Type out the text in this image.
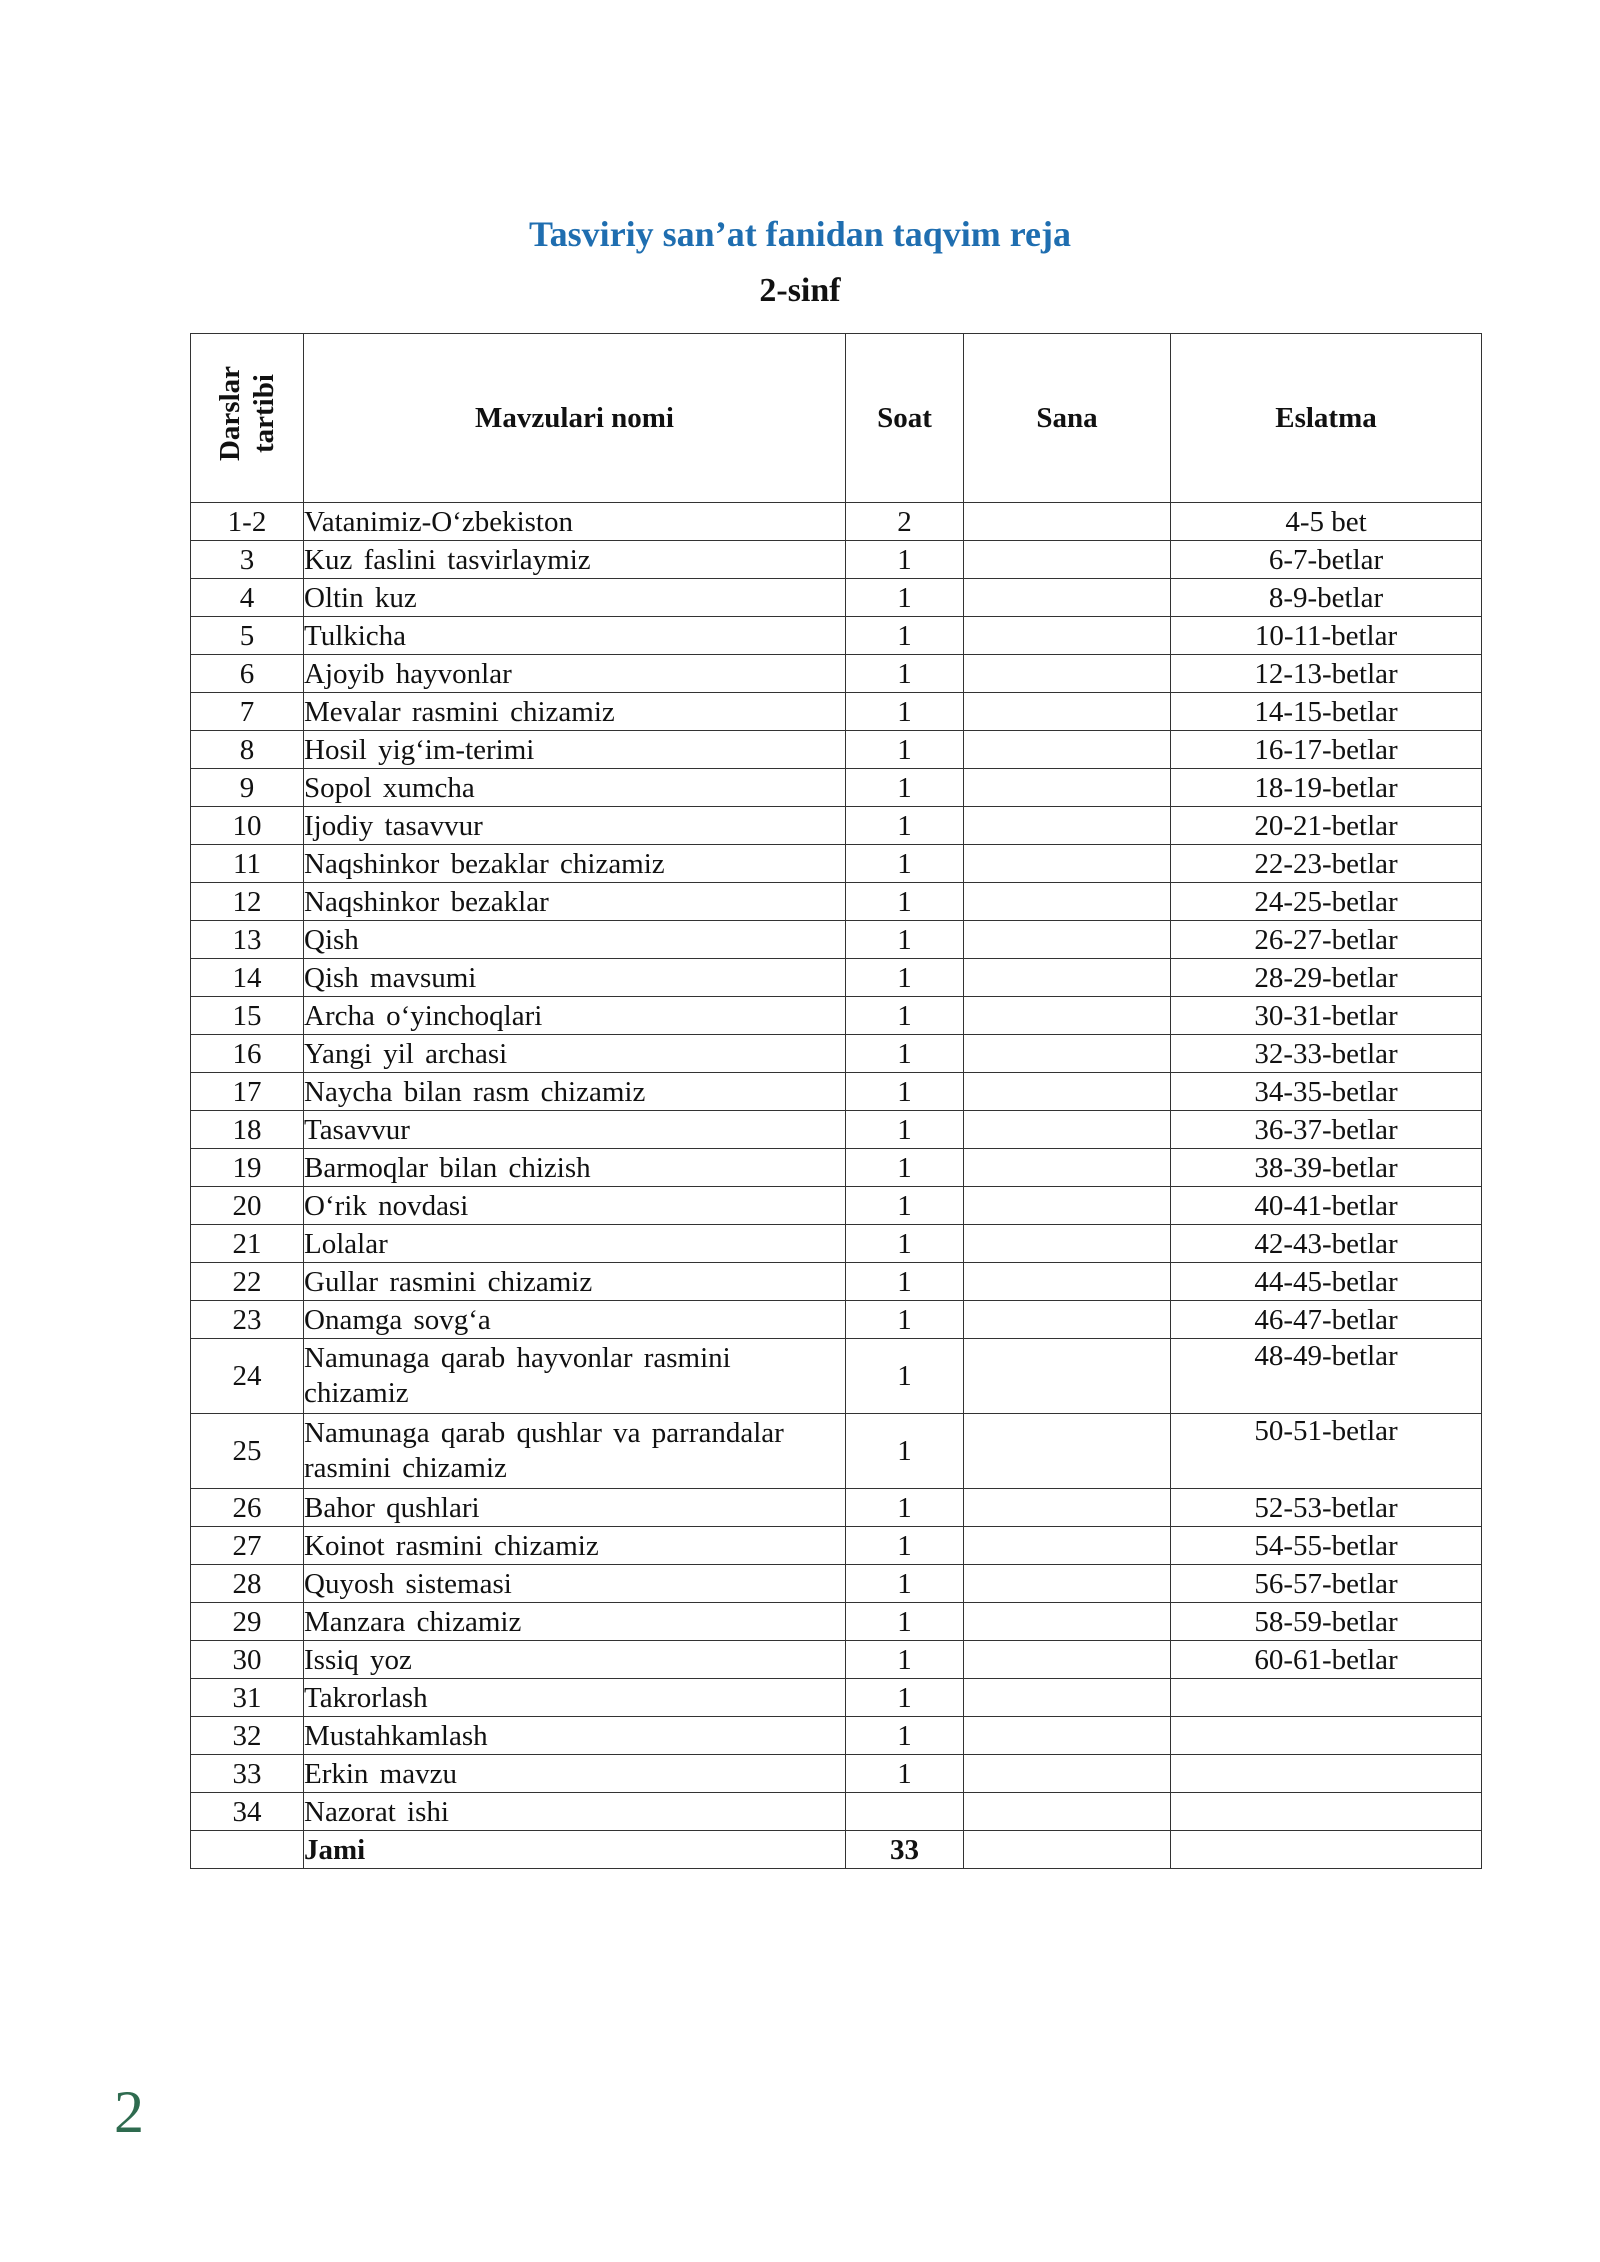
Tasviriy san’at fanidan taqvim reja
2-sinf
Darslar
tartibi	Mavzulari nomi	Soat	Sana	Eslatma
1-2	Vatanimiz-O‘zbekiston	2		4-5 bet
3	Kuz faslini tasvirlaymiz	1		6-7-betlar
4	Oltin kuz	1		8-9-betlar
5	Tulkicha	1		10-11-betlar
6	Ajoyib hayvonlar	1		12-13-betlar
7	Mevalar rasmini chizamiz	1		14-15-betlar
8	Hosil yig‘im-terimi	1		16-17-betlar
9	Sopol xumcha	1		18-19-betlar
10	Ijodiy tasavvur	1		20-21-betlar
11	Naqshinkor bezaklar chizamiz	1		22-23-betlar
12	Naqshinkor bezaklar	1		24-25-betlar
13	Qish	1		26-27-betlar
14	Qish mavsumi	1		28-29-betlar
15	Archa o‘yinchoqlari	1		30-31-betlar
16	Yangi yil archasi	1		32-33-betlar
17	Naycha bilan rasm chizamiz	1		34-35-betlar
18	Tasavvur	1		36-37-betlar
19	Barmoqlar bilan chizish	1		38-39-betlar
20	O‘rik novdasi	1		40-41-betlar
21	Lolalar	1		42-43-betlar
22	Gullar rasmini chizamiz	1		44-45-betlar
23	Onamga sovg‘a	1		46-47-betlar
24	Namunaga qarab hayvonlar rasmini chizamiz	1		48-49-betlar
25	Namunaga qarab qushlar va parrandalar rasmini chizamiz	1		50-51-betlar
26	Bahor qushlari	1		52-53-betlar
27	Koinot rasmini chizamiz	1		54-55-betlar
28	Quyosh sistemasi	1		56-57-betlar
29	Manzara chizamiz	1		58-59-betlar
30	Issiq yoz	1		60-61-betlar
31	Takrorlash	1		
32	Mustahkamlash	1		
33	Erkin mavzu	1		
34	Nazorat ishi			
	Jami	33		
2
